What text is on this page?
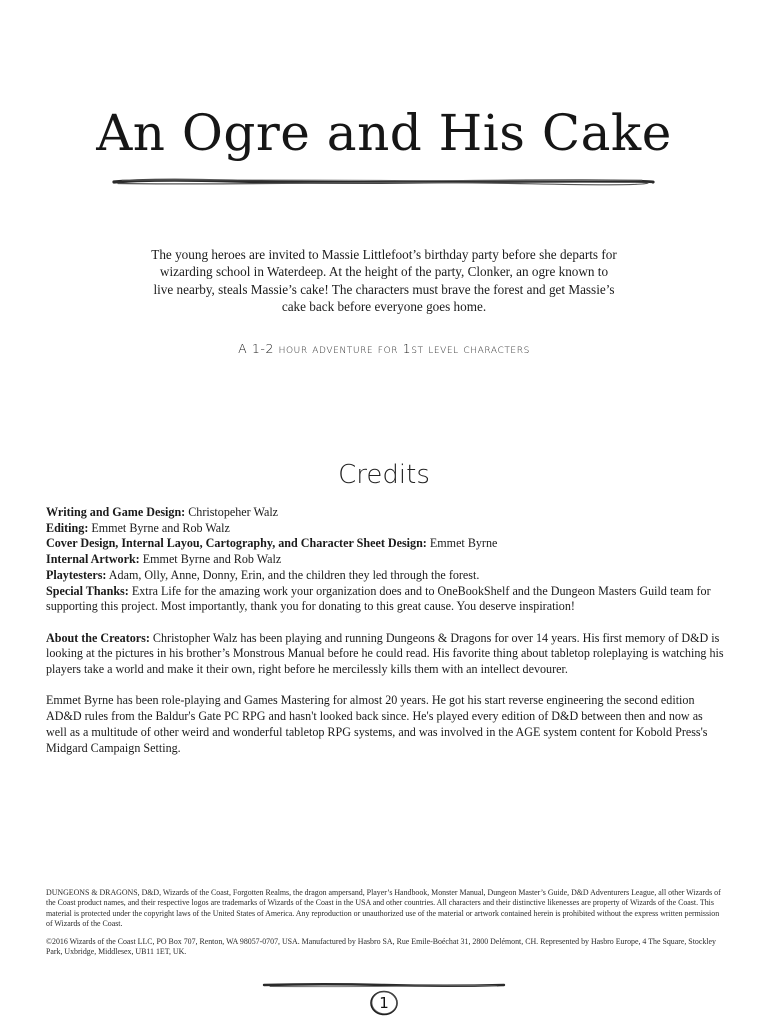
An Ogre and His Cake

The young heroes are invited to Massie Littlefoot’s birthday party before she departs for wizarding school in Waterdeep. At the height of the party, Clonker, an ogre known to live nearby, steals Massie’s cake! The characters must brave the forest and get Massie’s cake back before everyone goes home.

A 1-2 hour adventure for 1st level characters
Credits

Writing and Game Design: Christopeher Walz

Editing: Emmet Byrne and Rob Walz

Cover Design, Internal Layou, Cartography, and Character Sheet Design: Emmet Byrne

Internal Artwork: Emmet Byrne and Rob Walz

Playtesters: Adam, Olly, Anne, Donny, Erin, and the children they led through the forest.

Special Thanks: Extra Life for the amazing work your organization does and to OneBookShelf and the Dungeon Masters Guild team for supporting this project. Most importantly, thank you for donating to this great cause. You deserve inspiration!

About the Creators: Christopher Walz has been playing and running Dungeons & Dragons for over 14 years. His first memory of D&D is looking at the pictures in his brother’s Monstrous Manual before he could read. His favorite thing about tabletop roleplaying is watching his players take a world and make it their own, right before he mercilessly kills them with an intellect devourer.

Emmet Byrne has been role-playing and Games Mastering for almost 20 years. He got his start reverse engineering the second edition AD&D rules from the Baldur's Gate PC RPG and hasn't looked back since. He's played every edition of D&D between then and now as well as a multitude of other weird and wonderful tabletop RPG systems, and was involved in the AGE system content for Kobold Press's Midgard Campaign Setting.

DUNGEONS & DRAGONS, D&D, Wizards of the Coast, Forgotten Realms, the dragon ampersand, Player’s Handbook, Monster Manual, Dungeon Master’s Guide, D&D Adventurers League, all other Wizards of the Coast product names, and their respective logos are trademarks of Wizards of the Coast in the USA and other countries. All characters and their distinctive likenesses are property of Wizards of the Coast. This material is protected under the copyright laws of the United States of America. Any reproduction or unauthorized use of the material or artwork contained herein is prohibited without the express written permission of Wizards of the Coast.

©2016 Wizards of the Coast LLC, PO Box 707, Renton, WA 98057-0707, USA. Manufactured by Hasbro SA, Rue Emile-Boéchat 31, 2800 Delémont, CH. Represented by Hasbro Europe, 4 The Square, Stockley Park, Uxbridge, Middlesex, UB11 1ET, UK.

1
